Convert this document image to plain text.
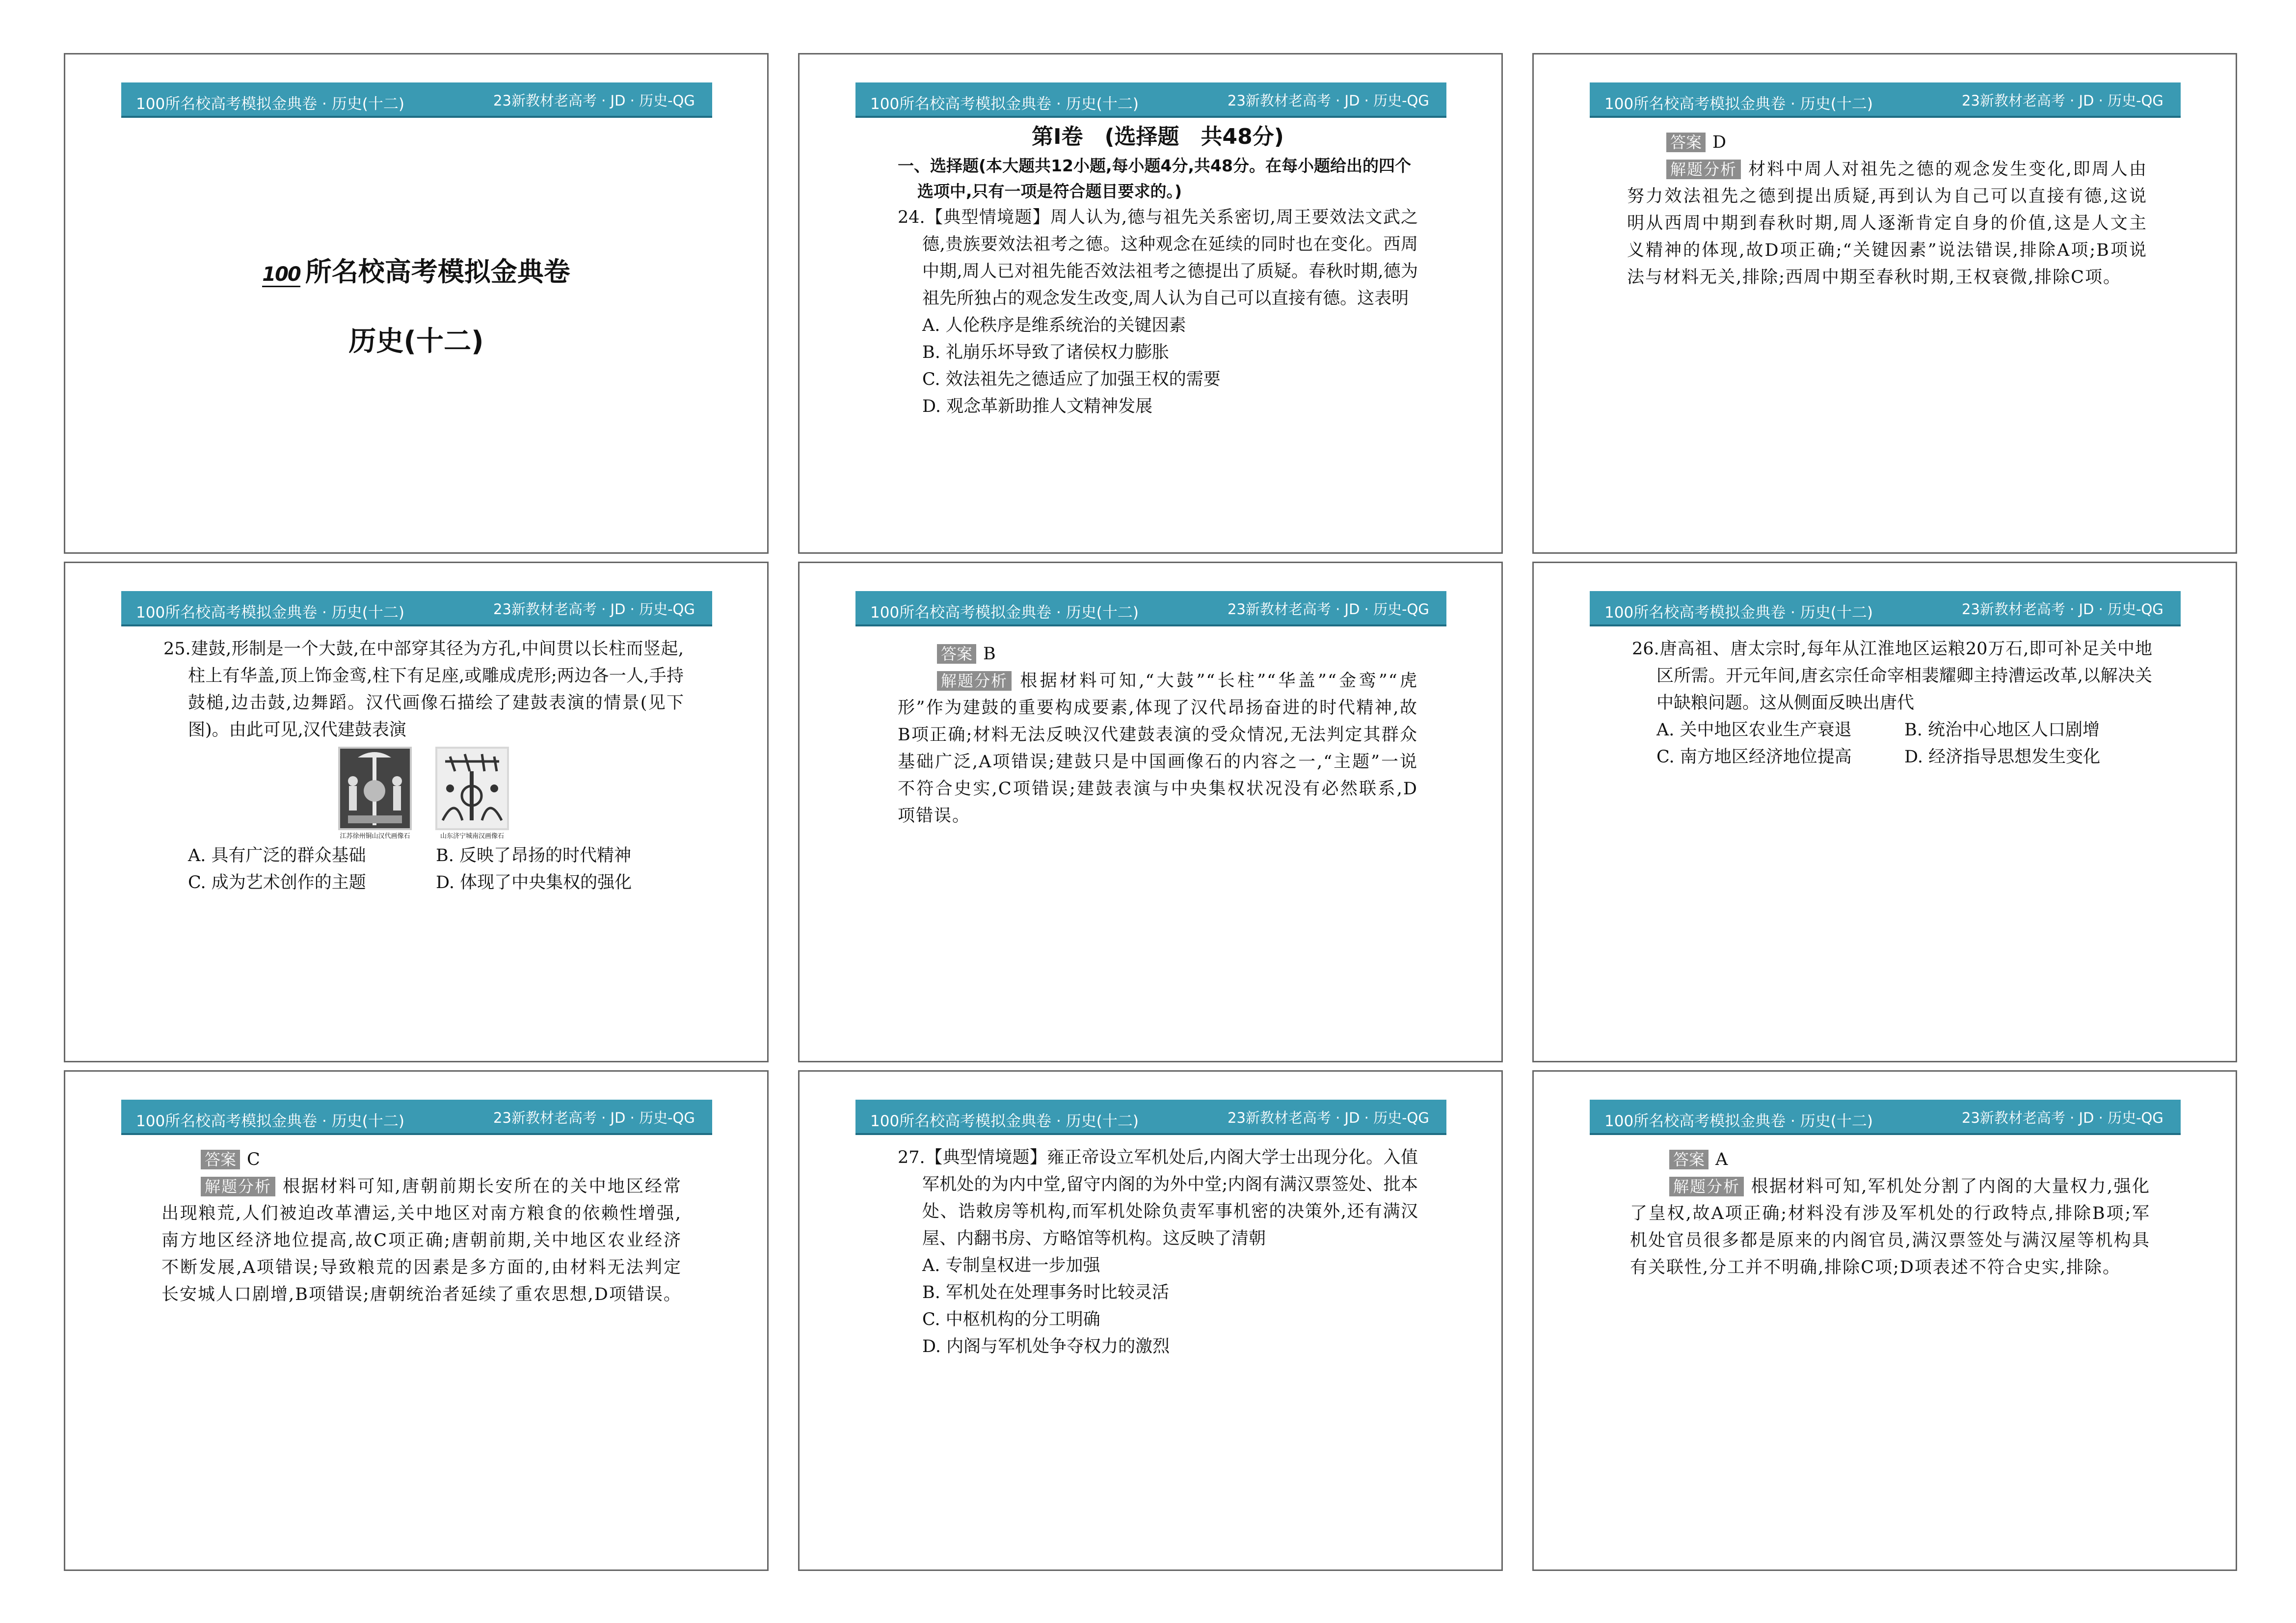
100所名校高考模拟金典卷 · 历史(十二)	23新教材老高考 · JD · 历史-QG
100 所名校高考模拟金典卷
历史(十二)
100所名校高考模拟金典卷 · 历史(十二)	23新教材老高考 · JD · 历史-QG

第Ⅰ卷　(选择题　共48分)

一、选择题(本大题共12小题,每小题4分,共48分。在每小题给出的四个选项中,只有一项是符合题目要求的。)

24.【典型情境题】周人认为,德与祖先关系密切,周王要效法文武之德,贵族要效法祖考之德。这种观念在延续的同时也在变化。西周中期,周人已对祖先能否效法祖考之德提出了质疑。春秋时期,德为祖先所独占的观念发生改变,周人认为自己可以直接有德。这表明

A. 人伦秩序是维系统治的关键因素

B. 礼崩乐坏导致了诸侯权力膨胀

C. 效法祖先之德适应了加强王权的需要

D. 观念革新助推人文精神发展

100所名校高考模拟金典卷 · 历史(十二)	23新教材老高考 · JD · 历史-QG

答案 D

解题分析 材料中周人对祖先之德的观念发生变化,即周人由努力效法祖先之德到提出质疑,再到认为自己可以直接有德,这说明从西周中期到春秋时期,周人逐渐肯定自身的价值,这是人文主义精神的体现,故D项正确;“关键因素”说法错误,排除A项;B项说法与材料无关,排除;西周中期至春秋时期,王权衰微,排除C项。

100所名校高考模拟金典卷 · 历史(十二)	23新教材老高考 · JD · 历史-QG

25.建鼓,形制是一个大鼓,在中部穿其径为方孔,中间贯以长柱而竖起,柱上有华盖,顶上饰金鸾,柱下有足座,或雕成虎形;两边各一人,手持鼓槌,边击鼓,边舞蹈。汉代画像石描绘了建鼓表演的情景(见下图)。由此可见,汉代建鼓表演

江苏徐州铜山汉代画像石	山东济宁城南汉画像石
A. 具有广泛的群众基础	B. 反映了昂扬的时代精神
C. 成为艺术创作的主题	D. 体现了中央集权的强化
100所名校高考模拟金典卷 · 历史(十二)	23新教材老高考 · JD · 历史-QG

答案 B

解题分析 根据材料可知,“大鼓”“长柱”“华盖”“金鸾”“虎形”作为建鼓的重要构成要素,体现了汉代昂扬奋进的时代精神,故B项正确;材料无法反映汉代建鼓表演的受众情况,无法判定其群众基础广泛,A项错误;建鼓只是中国画像石的内容之一,“主题”一说不符合史实,C项错误;建鼓表演与中央集权状况没有必然联系,D项错误。

100所名校高考模拟金典卷 · 历史(十二)	23新教材老高考 · JD · 历史-QG

26.唐高祖、唐太宗时,每年从江淮地区运粮20万石,即可补足关中地区所需。开元年间,唐玄宗任命宰相裴耀卿主持漕运改革,以解决关中缺粮问题。这从侧面反映出唐代

A. 关中地区农业生产衰退	B. 统治中心地区人口剧增
C. 南方地区经济地位提高	D. 经济指导思想发生变化
100所名校高考模拟金典卷 · 历史(十二)	23新教材老高考 · JD · 历史-QG

答案 C

解题分析 根据材料可知,唐朝前期长安所在的关中地区经常出现粮荒,人们被迫改革漕运,关中地区对南方粮食的依赖性增强,南方地区经济地位提高,故C项正确;唐朝前期,关中地区农业经济不断发展,A项错误;导致粮荒的因素是多方面的,由材料无法判定长安城人口剧增,B项错误;唐朝统治者延续了重农思想,D项错误。

100所名校高考模拟金典卷 · 历史(十二)	23新教材老高考 · JD · 历史-QG

27.【典型情境题】雍正帝设立军机处后,内阁大学士出现分化。入值军机处的为内中堂,留守内阁的为外中堂;内阁有满汉票签处、批本处、诰敕房等机构,而军机处除负责军事机密的决策外,还有满汉屋、内翻书房、方略馆等机构。这反映了清朝

A. 专制皇权进一步加强

B. 军机处在处理事务时比较灵活

C. 中枢机构的分工明确

D. 内阁与军机处争夺权力的激烈

100所名校高考模拟金典卷 · 历史(十二)	23新教材老高考 · JD · 历史-QG

答案 A

解题分析 根据材料可知,军机处分割了内阁的大量权力,强化了皇权,故A项正确;材料没有涉及军机处的行政特点,排除B项;军机处官员很多都是原来的内阁官员,满汉票签处与满汉屋等机构具有关联性,分工并不明确,排除C项;D项表述不符合史实,排除。
